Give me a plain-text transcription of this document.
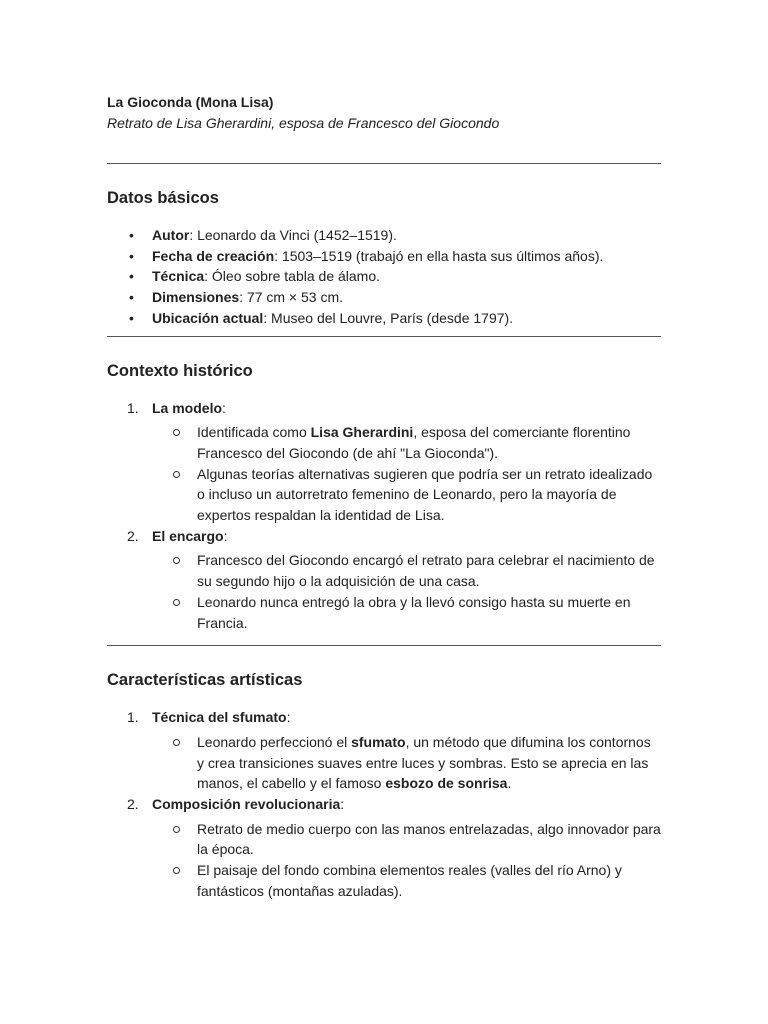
La Gioconda (Mona Lisa)

Retrato de Lisa Gherardini, esposa de Francesco del Giocondo

Datos básicos
• Autor: Leonardo da Vinci (1452–1519).
• Fecha de creación: 1503–1519 (trabajó en ella hasta sus últimos años).
• Técnica: Óleo sobre tabla de álamo.
• Dimensiones: 77 cm × 53 cm.
• Ubicación actual: Museo del Louvre, París (desde 1797).
Contexto histórico
1. La modelo:
Identificada como Lisa Gherardini, esposa del comerciante florentino Francesco del Giocondo (de ahí "La Gioconda").
Algunas teorías alternativas sugieren que podría ser un retrato idealizado o incluso un autorretrato femenino de Leonardo, pero la mayoría de expertos respaldan la identidad de Lisa.
2. El encargo:
Francesco del Giocondo encargó el retrato para celebrar el nacimiento de su segundo hijo o la adquisición de una casa.
Leonardo nunca entregó la obra y la llevó consigo hasta su muerte en Francia.
Características artísticas
1. Técnica del sfumato:
Leonardo perfeccionó el sfumato, un método que difumina los contornos y crea transiciones suaves entre luces y sombras. Esto se aprecia en las manos, el cabello y el famoso esbozo de sonrisa.
2. Composición revolucionaria:
Retrato de medio cuerpo con las manos entrelazadas, algo innovador para la época.
El paisaje del fondo combina elementos reales (valles del río Arno) y fantásticos (montañas azuladas).
